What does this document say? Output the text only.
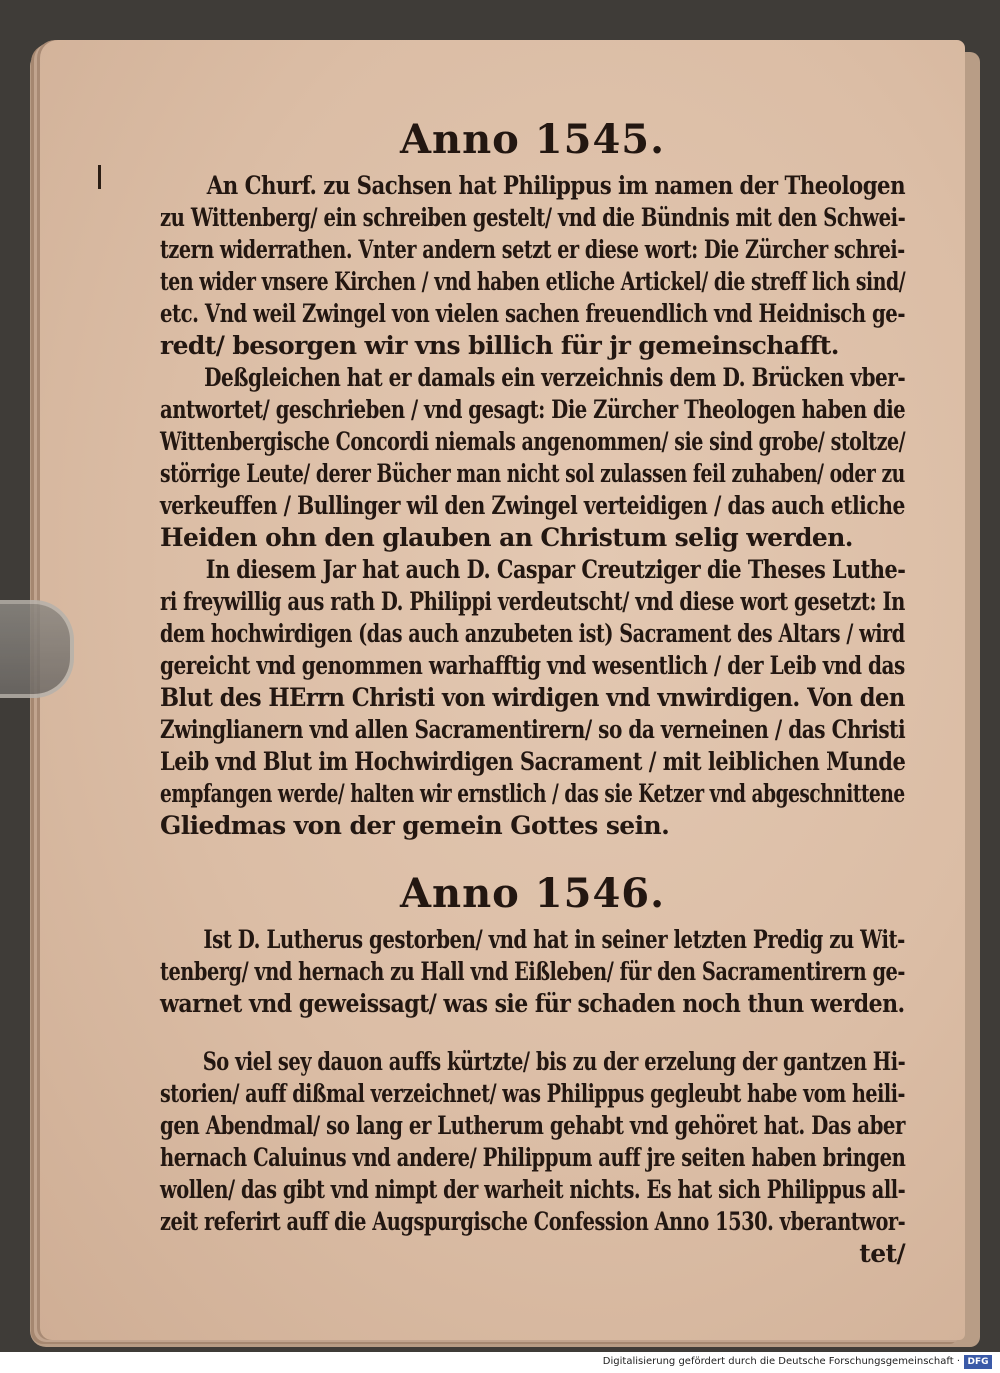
Anno 1545.
An Churf. zu Sachsen hat Philippus im namen der Theologen
zu Wittenberg/ ein schreiben gestelt/ vnd die Bündnis mit den Schwei-
tzern widerrathen. Vnter andern setzt er diese wort: Die Zürcher schrei-
ten wider vnsere Kirchen / vnd haben etliche Artickel/ die streff lich sind/
etc. Vnd weil Zwingel von vielen sachen freuendlich vnd Heidnisch ge-
redt/ besorgen wir vns billich für jr gemeinschafft.
Deßgleichen hat er damals ein verzeichnis dem D. Brücken vber-
antwortet/ geschrieben / vnd gesagt: Die Zürcher Theologen haben die
Wittenbergische Concordi niemals angenommen/ sie sind grobe/ stoltze/
störrige Leute/ derer Bücher man nicht sol zulassen feil zuhaben/ oder zu
verkeuffen / Bullinger wil den Zwingel verteidigen / das auch etliche
Heiden ohn den glauben an Christum selig werden.
In diesem Jar hat auch D. Caspar Creutziger die Theses Luthe-
ri freywillig aus rath D. Philippi verdeutscht/ vnd diese wort gesetzt: In
dem hochwirdigen (das auch anzubeten ist) Sacrament des Altars / wird
gereicht vnd genommen warhafftig vnd wesentlich / der Leib vnd das
Blut des HErrn Christi von wirdigen vnd vnwirdigen. Von den
Zwinglianern vnd allen Sacramentirern/ so da verneinen / das Christi
Leib vnd Blut im Hochwirdigen Sacrament / mit leiblichen Munde
empfangen werde/ halten wir ernstlich / das sie Ketzer vnd abgeschnittene
Gliedmas von der gemein Gottes sein.
Anno 1546.
Ist D. Lutherus gestorben/ vnd hat in seiner letzten Predig zu Wit-
tenberg/ vnd hernach zu Hall vnd Eißleben/ für den Sacramentirern ge-
warnet vnd geweissagt/ was sie für schaden noch thun werden.
So viel sey dauon auffs kürtzte/ bis zu der erzelung der gantzen Hi-
storien/ auff dißmal verzeichnet/ was Philippus gegleubt habe vom heili-
gen Abendmal/ so lang er Lutherum gehabt vnd gehöret hat. Das aber
hernach Caluinus vnd andere/ Philippum auff jre seiten haben bringen
wollen/ das gibt vnd nimpt der warheit nichts. Es hat sich Philippus all-
zeit referirt auff die Augspurgische Confession Anno 1530. vberantwor-
tet/
Digitalisierung gefördert durch die Deutsche Forschungsgemeinschaft · DFG
